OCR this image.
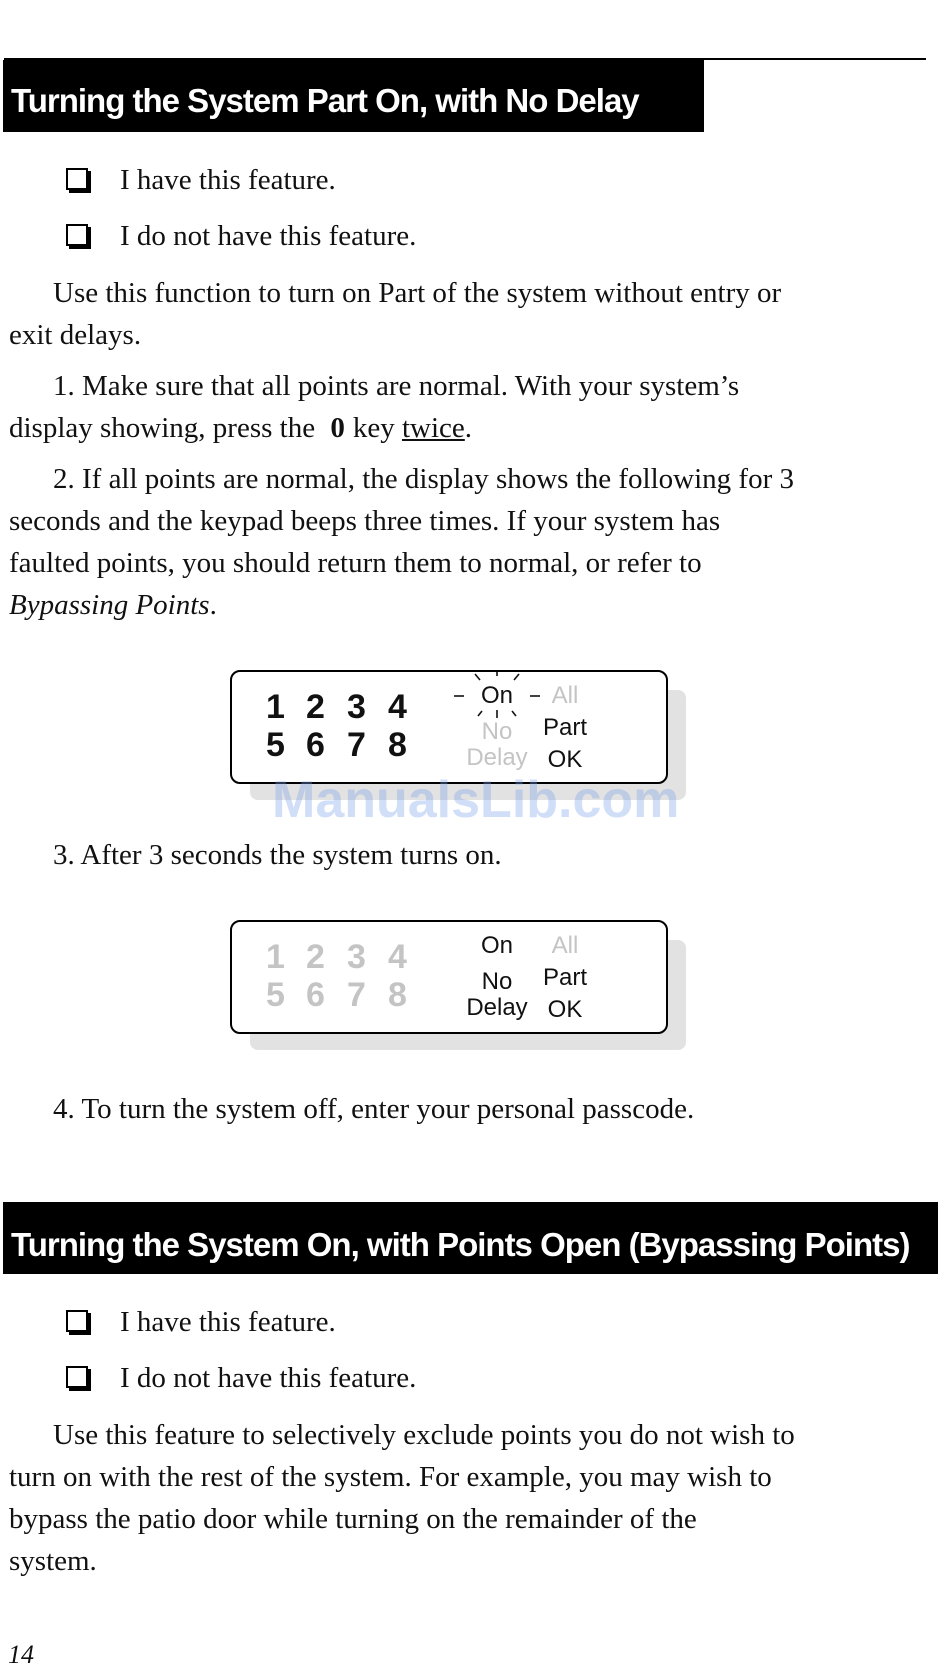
Turning the System Part On, with No Delay
I have this feature.
I do not have this feature.

Use this function to turn on Part of the system without entry or
exit delays.

1. Make sure that all points are normal. With your system’s
display showing, press the 0 key twice.

2. If all points are normal, the display shows the following for 3
seconds and the keypad beeps three times. If your system has
faulted points, you should return them to normal, or refer to
Bypassing Points.

1 2 3 4
5 6 7 8
On
No
Delay
All
Part
OK
ManualsLib.com

3. After 3 seconds the system turns on.

1 2 3 4
5 6 7 8
On
No
Delay
All
Part
OK

4. To turn the system off, enter your personal passcode.

Turning the System On, with Points Open (Bypassing Points)
I have this feature.
I do not have this feature.

Use this feature to selectively exclude points you do not wish to
turn on with the rest of the system. For example, you may wish to
bypass the patio door while turning on the remainder of the
system.

14
